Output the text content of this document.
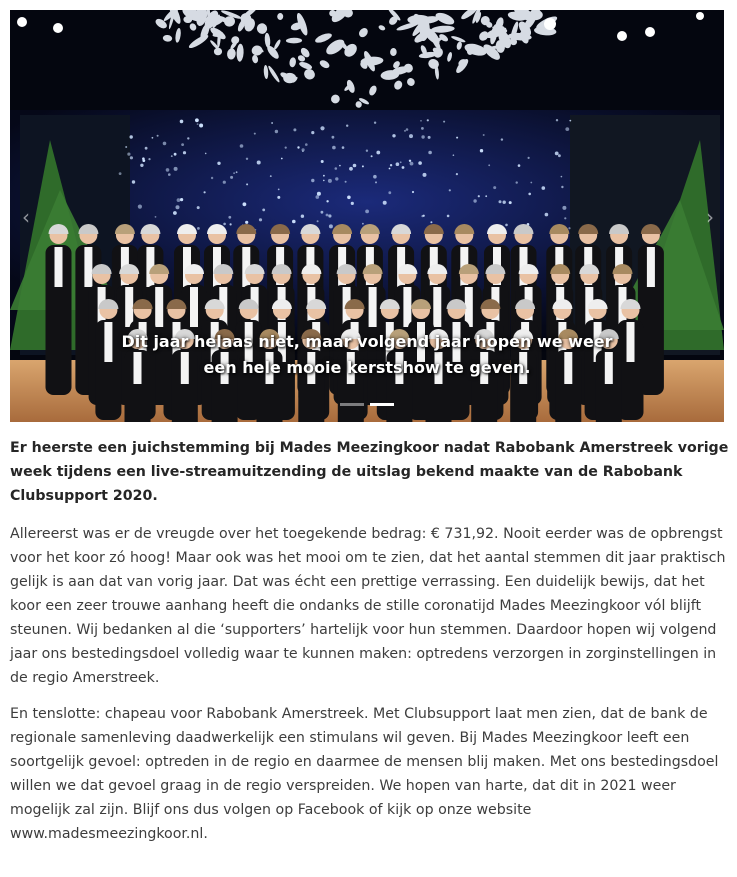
Dit jaar helaas niet, maar volgend jaar hopen we weer
een hele mooie kerstshow te geven.
‹	›

Er heerste een juichstemming bij Mades Meezingkoor nadat Rabobank Amerstreek vorige week tijdens een live-streamuitzending de uitslag bekend maakte van de Rabobank Clubsupport 2020.

Allereerst was er de vreugde over het toegekende bedrag: € 731,92. Nooit eerder was de opbrengst voor het koor zó hoog! Maar ook was het mooi om te zien, dat het aantal stemmen dit jaar praktisch gelijk is aan dat van vorig jaar. Dat was écht een prettige verrassing. Een duidelijk bewijs, dat het koor een zeer trouwe aanhang heeft die ondanks de stille coronatijd Mades Meezingkoor vól blijft steunen. Wij bedanken al die ‘supporters’ hartelijk voor hun stemmen. Daardoor hopen wij volgend jaar ons bestedingsdoel volledig waar te kunnen maken: optredens verzorgen in zorginstellingen in de regio Amerstreek.

En tenslotte: chapeau voor Rabobank Amerstreek. Met Clubsupport laat men zien, dat de bank de regionale samenleving daadwerkelijk een stimulans wil geven. Bij Mades Meezingkoor leeft een soortgelijk gevoel: optreden in de regio en daarmee de mensen blij maken. Met ons bestedingsdoel willen we dat gevoel graag in de regio verspreiden. We hopen van harte, dat dit in 2021 weer mogelijk zal zijn. Blijf ons dus volgen op Facebook of kijk op onze website www.madesmeezingkoor.nl.
